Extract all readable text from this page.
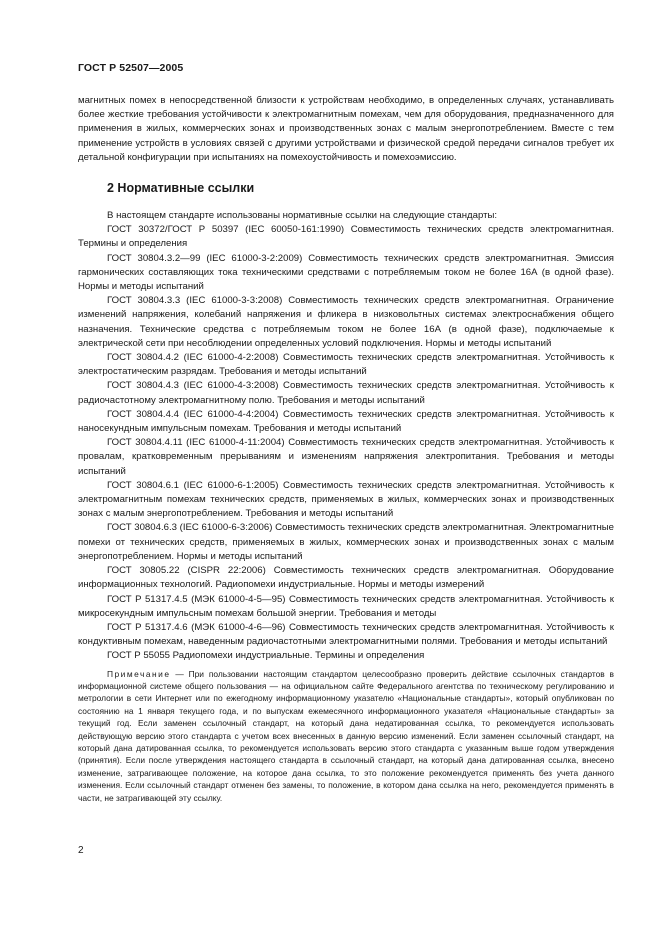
ГОСТ Р 52507—2005

магнитных помех в непосредственной близости к устройствам необходимо, в определенных случаях, устанавливать более жесткие требования устойчивости к электромагнитным помехам, чем для оборудования, предназначенного для применения в жилых, коммерческих зонах и производственных зонах с малым энергопотреблением. Вместе с тем применение устройств в условиях связей с другими устройствами и физической средой передачи сигналов требует их детальной конфигурации при испытаниях на помехоустойчивость и помехоэмиссию.

2 Нормативные ссылки

В настоящем стандарте использованы нормативные ссылки на следующие стандарты:

ГОСТ 30372/ГОСТ Р 50397 (IEC 60050-161:1990) Совместимость технических средств электромагнитная. Термины и определения

ГОСТ 30804.3.2—99 (IEC 61000-3-2:2009) Совместимость технических средств электромагнитная. Эмиссия гармонических составляющих тока техническими средствами с потребляемым током не более 16А (в одной фазе). Нормы и методы испытаний

ГОСТ 30804.3.3 (IEC 61000-3-3:2008) Совместимость технических средств электромагнитная. Ограничение изменений напряжения, колебаний напряжения и фликера в низковольтных системах электроснабжения общего назначения. Технические средства с потребляемым током не более 16А (в одной фазе), подключаемые к электрической сети при несоблюдении определенных условий подключения. Нормы и методы испытаний

ГОСТ 30804.4.2 (IEC 61000-4-2:2008) Совместимость технических средств электромагнитная. Устойчивость к электростатическим разрядам. Требования и методы испытаний

ГОСТ 30804.4.3 (IEC 61000-4-3:2008) Совместимость технических средств электромагнитная. Устойчивость к радиочастотному электромагнитному полю. Требования и методы испытаний

ГОСТ 30804.4.4 (IEC 61000-4-4:2004) Совместимость технических средств электромагнитная. Устойчивость к наносекундным импульсным помехам. Требования и методы испытаний

ГОСТ 30804.4.11 (IEC 61000-4-11:2004) Совместимость технических средств электромагнитная. Устойчивость к провалам, кратковременным прерываниям и изменениям напряжения электропитания. Требования и методы испытаний

ГОСТ 30804.6.1 (IEC 61000-6-1:2005) Совместимость технических средств электромагнитная. Устойчивость к электромагнитным помехам технических средств, применяемых в жилых, коммерческих зонах и производственных зонах с малым энергопотреблением. Требования и методы испытаний

ГОСТ 30804.6.3 (IEC 61000-6-3:2006) Совместимость технических средств электромагнитная. Электромагнитные помехи от технических средств, применяемых в жилых, коммерческих зонах и производственных зонах с малым энергопотреблением. Нормы и методы испытаний

ГОСТ 30805.22 (CISPR 22:2006) Совместимость технических средств электромагнитная. Оборудование информационных технологий. Радиопомехи индустриальные. Нормы и методы измерений

ГОСТ Р 51317.4.5 (МЭК 61000-4-5—95) Совместимость технических средств электромагнитная. Устойчивость к микросекундным импульсным помехам большой энергии. Требования и методы

ГОСТ Р 51317.4.6 (МЭК 61000-4-6—96) Совместимость технических средств электромагнитная. Устойчивость к кондуктивным помехам, наведенным радиочастотными электромагнитными полями. Требования и методы испытаний

ГОСТ Р 55055 Радиопомехи индустриальные. Термины и определения

Примечание — При пользовании настоящим стандартом целесообразно проверить действие ссылочных стандартов в информационной системе общего пользования — на официальном сайте Федерального агентства по техническому регулированию и метрологии в сети Интернет или по ежегодному информационному указателю «Национальные стандарты», который опубликован по состоянию на 1 января текущего года, и по выпускам ежемесячного информационного указателя «Национальные стандарты» за текущий год. Если заменен ссылочный стандарт, на который дана недатированная ссылка, то рекомендуется использовать действующую версию этого стандарта с учетом всех внесенных в данную версию изменений. Если заменен ссылочный стандарт, на который дана датированная ссылка, то рекомендуется использовать версию этого стандарта с указанным выше годом утверждения (принятия). Если после утверждения настоящего стандарта в ссылочный стандарт, на который дана датированная ссылка, внесено изменение, затрагивающее положение, на которое дана ссылка, то это положение рекомендуется применять без учета данного изменения. Если ссылочный стандарт отменен без замены, то положение, в котором дана ссылка на него, рекомендуется применять в части, не затрагивающей эту ссылку.

2
